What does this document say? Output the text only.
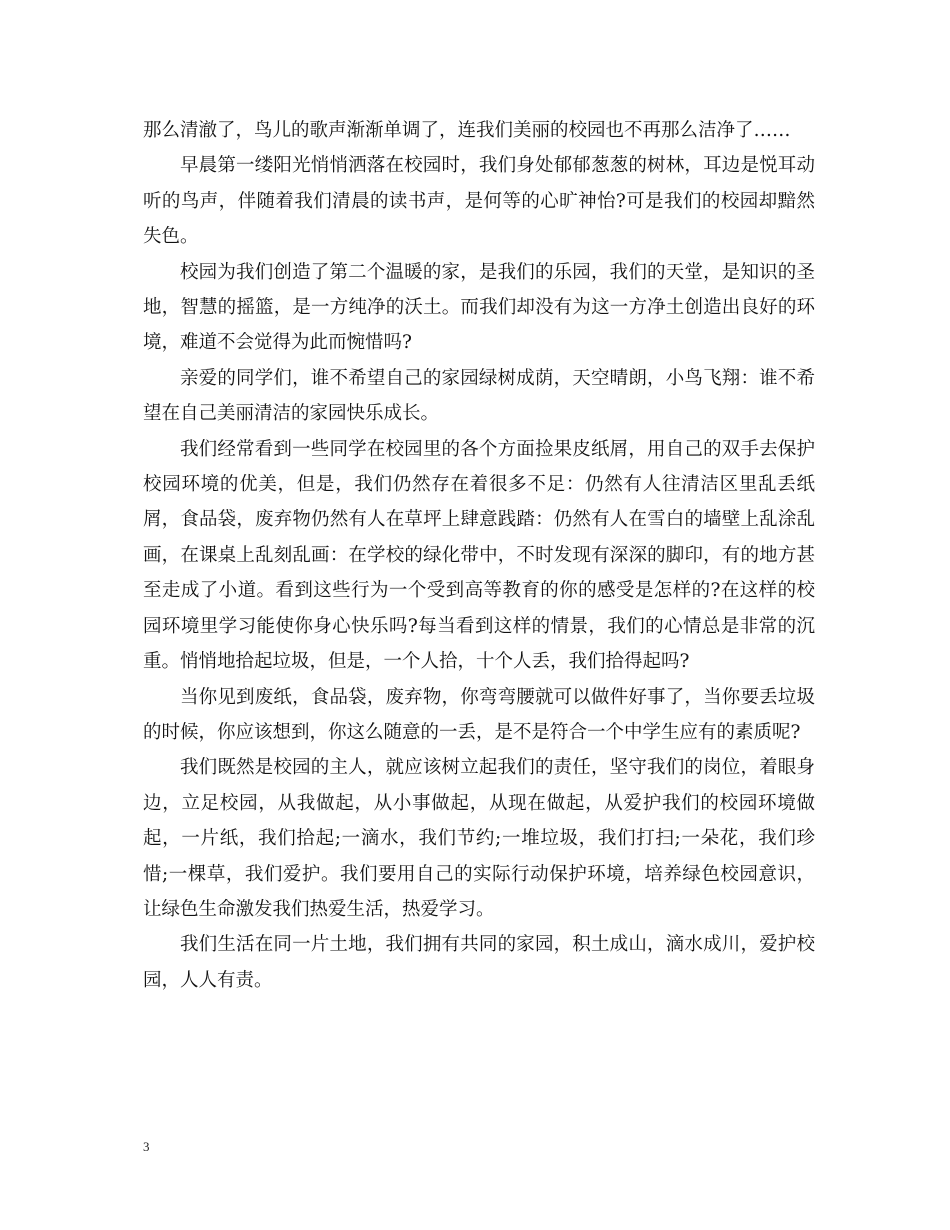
那么清澈了，鸟儿的歌声渐渐单调了，连我们美丽的校园也不再那么洁净了……

早晨第一缕阳光悄悄洒落在校园时，我们身处郁郁葱葱的树林，耳边是悦耳动听的鸟声，伴随着我们清晨的读书声，是何等的心旷神怡?可是我们的校园却黯然失色。

校园为我们创造了第二个温暖的家，是我们的乐园，我们的天堂，是知识的圣地，智慧的摇篮，是一方纯净的沃土。而我们却没有为这一方净土创造出良好的环境，难道不会觉得为此而惋惜吗?

亲爱的同学们，谁不希望自己的家园绿树成荫，天空晴朗，小鸟飞翔：谁不希望在自己美丽清洁的家园快乐成长。

我们经常看到一些同学在校园里的各个方面捡果皮纸屑，用自己的双手去保护校园环境的优美，但是，我们仍然存在着很多不足：仍然有人往清洁区里乱丢纸屑，食品袋，废弃物仍然有人在草坪上肆意践踏：仍然有人在雪白的墙壁上乱涂乱画，在课桌上乱刻乱画：在学校的绿化带中，不时发现有深深的脚印，有的地方甚至走成了小道。看到这些行为一个受到高等教育的你的感受是怎样的?在这样的校园环境里学习能使你身心快乐吗?每当看到这样的情景，我们的心情总是非常的沉重。悄悄地拾起垃圾，但是，一个人拾，十个人丢，我们拾得起吗?

当你见到废纸，食品袋，废弃物，你弯弯腰就可以做件好事了，当你要丢垃圾的时候，你应该想到，你这么随意的一丢，是不是符合一个中学生应有的素质呢?

我们既然是校园的主人，就应该树立起我们的责任，坚守我们的岗位，着眼身边，立足校园，从我做起，从小事做起，从现在做起，从爱护我们的校园环境做起，一片纸，我们拾起;一滴水，我们节约;一堆垃圾，我们打扫;一朵花，我们珍惜;一棵草，我们爱护。我们要用自己的实际行动保护环境，培养绿色校园意识，让绿色生命激发我们热爱生活，热爱学习。

我们生活在同一片土地，我们拥有共同的家园，积土成山，滴水成川，爱护校园，人人有责。

3
